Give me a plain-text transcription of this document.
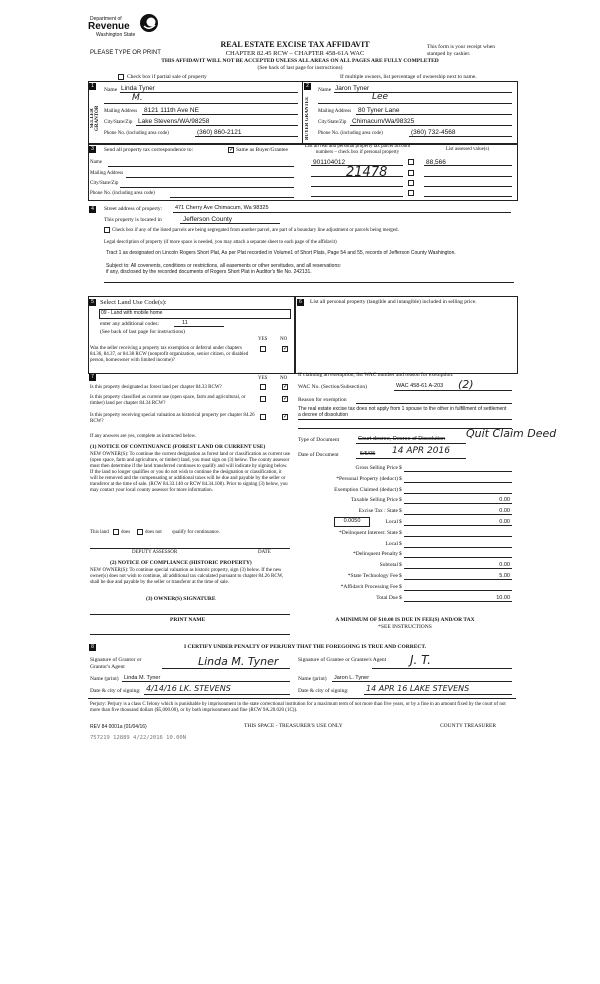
Department of
Revenue
Washington State
PLEASE TYPE OR PRINT
REAL ESTATE EXCISE TAX AFFIDAVIT
CHAPTER 82.45 RCW – CHAPTER 458-61A WAC
THIS AFFIDAVIT WILL NOT BE ACCEPTED UNLESS ALL AREAS ON ALL PAGES ARE FULLY COMPLETED
(See back of last page for instructions)
This form is your receipt when stamped by cashier.
Check box if partial sale of property	If multiple owners, list percentage of ownership next to name.
1
SELLER GRANTOR
Name Linda Tyner
M.
Mailing Address 8121 111th Ave NE
City/State/Zip Lake Stevens/WA/98258
Phone No. (including area code)	(360) 860-2121
2
BUYER GRANTEE
Name Jaron Tyner
Lee
Mailing Address 80 Tyner Lane
City/State/Zip Chimacum/Wa/98325
Phone No. (including area code)	(360) 732-4568
3	Send all property tax correspondence to:	✓ Same as Buyer/Grantee
Name
Mailing Address
City/State/Zip
Phone No. (including area code)
List all real and personal property tax parcel account numbers – check box if personal property
List assessed value(s)
901104012	88,566
21478
4	Street address of property: 471 Cherry Ave Chimacum, Wa 98325
This property is located in	Jefferson County
Check box if any of the listed parcels are being segregated from another parcel, are part of a boundary line adjustment or parcels being merged.
Legal description of property (if more space is needed, you may attach a separate sheet to each page of the affidavit)
Tract 1 as designated on Lincoln Rogers Short Plat, As per Plat recorded in Volume1 of Short Plats, Page 54 and 55, records of Jefferson County Washington.
Subject to: All covenents, conditions or restrictions, all easements or other servitudes, and all reservations:
if any, disclosed by the recorded documents of Rogers Short Plat in Auditor's file No. 242131.
5 Select Land Use Code(s):
09 - Land with mobile home
enter any additional codes:	11
(See back of last page for instructions)
YES	NO
Was the seller receiving a property tax exemption or deferral under chapters 84.36, 84.37, or 84.38 RCW (nonprofit organization, senior citizen, or disabled person, homeowner with limited income)?
✓
6	List all personal property (tangible and intangible) included in selling price.
7	YES	NO
Is this property designated as forest land per chapter 84.33 RCW?	✓
Is this property classified as current use (open space, farm and agricultural, or timber) land per chapter 84.34 RCW?
✓
Is this property receiving special valuation as historical property per chapter 84.26 RCW?
✓
If any answers are yes, complete as instructed below.
(1) NOTICE OF CONTINUANCE (FOREST LAND OR CURRENT USE)
NEW OWNER(S): To continue the current designation as forest land or classification as current use (open space, farm and agriculture, or timber) land, you must sign on (3) below. The county assessor must then determine if the land transferred continues to qualify and will indicate by signing below. If the land no longer qualifies or you do not wish to continue the designation or classification, it will be removed and the compensating or additional taxes will be due and payable by the seller or transferor at the time of sale. (RCW 84.33.140 or RCW 84.34.108). Prior to signing (3) below, you may contact your local county assessor for more information.
This land does	does not qualify for continuance.
DEPUTY ASSESSOR	DATE
(2) NOTICE OF COMPLIANCE (HISTORIC PROPERTY)
NEW OWNER(S): To continue special valuation as historic property, sign (3) below. If the new owner(s) does not wish to continue, all additional tax calculated pursuant to chapter 84.26 RCW, shall be due and payable by the seller or transferor at the time of sale.
(3) OWNER(S) SIGNATURE
PRINT NAME
If claiming an exemption, list WAC number and reason for exemption:
WAC No. (Section/Subsection)	WAC 458-61 A-203 (2)
Reason for exemption
The real estate excise tax does not apply from 1 spouse to the other in fulfillment of settlement a decree of dissolution
Type of Document	Court decree, Decree of Dissolution Quit Claim Deed
Date of Document	5/5/05 14 APR 2016
Gross Selling Price $
*Personal Property (deduct) $
Exemption Claimed (deduct) $
Taxable Selling Price $	0.00
Excise Tax : State $	0.00
Local $	0.00
*Delinquent Interest: State $
Local $
*Delinquent Penalty $
Subtotal $	0.00
*State Technology Fee $	5.00
*Affidavit Processing Fee $
Total Due $	10.00
0.0050
A MINIMUM OF $10.00 IS DUE IN FEE(S) AND/OR TAX
*SEE INSTRUCTIONS
8	I CERTIFY UNDER PENALTY OF PERJURY THAT THE FOREGOING IS TRUE AND CORRECT.
Signature of Grantor or Grantor's Agent	Linda M. Tyner
Name (print) Linda M. Tyner
Date & city of signing: 4/14/16 LK. STEVENS
Signature of Grantee or Grantee's Agent J. T.
Name (print) Jaron L. Tyner
Date & city of signing: 14 APR 16 LAKE STEVENS
Perjury: Perjury is a class C felony which is punishable by imprisonment in the state correctional institution for a maximum term of not more than five years, or by a fine in an amount fixed by the court of not more than five thousand dollars ($5,000.00), or by both imprisonment and fine (RCW 9A.20.020 (1C)).
REV 84 0001a (01/04/16)	THIS SPACE - TREASURER'S USE ONLY	COUNTY TREASURER
757219 12889 4/22/2016 10.00N
